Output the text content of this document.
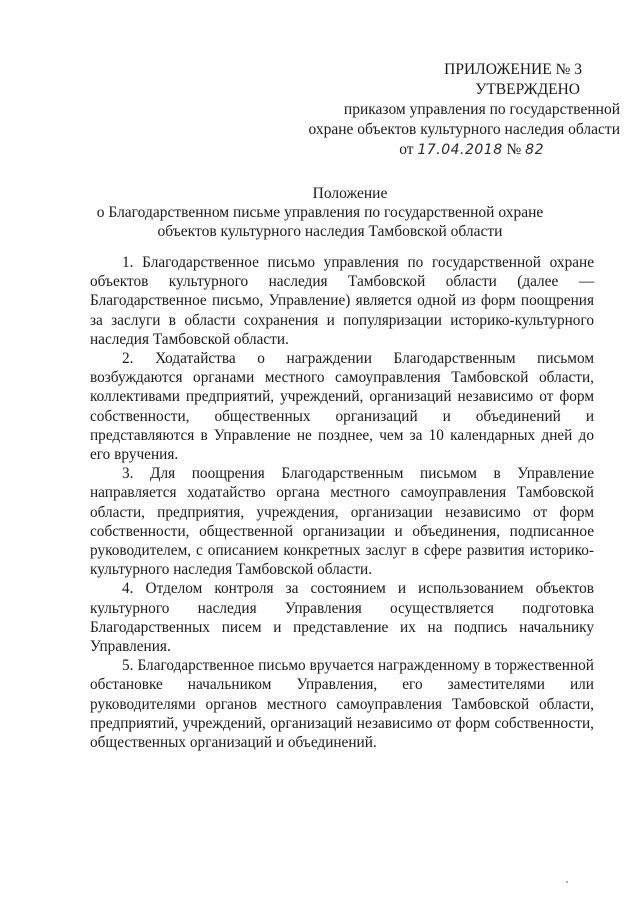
ПРИЛОЖЕНИЕ № 3
УТВЕРЖДЕНО
приказом управления по государственной
охране объектов культурного наследия области
от 17.04.2018 № 82
Положение
о Благодарственном письме управления по государственной охране
объектов культурного наследия Тамбовской области

1. Благодарственное письмо управления по государственной охране объектов культурного наследия Тамбовской области (далее — Благодарственное письмо, Управление) является одной из форм поощрения за заслуги в области сохранения и популяризации историко-культурного наследия Тамбовской области.

2. Ходатайства о награждении Благодарственным письмом возбуждаются органами местного самоуправления Тамбовской области, коллективами предприятий, учреждений, организаций независимо от форм собственности, общественных организаций и объединений и представляются в Управление не позднее, чем за 10 календарных дней до его вручения.

3. Для поощрения Благодарственным письмом в Управление направляется ходатайство органа местного самоуправления Тамбовской области, предприятия, учреждения, организации независимо от форм собственности, общественной организации и объединения, подписанное руководителем, с описанием конкретных заслуг в сфере развития историко-культурного наследия Тамбовской области.

4. Отделом контроля за состоянием и использованием объектов культурного наследия Управления осуществляется подготовка Благодарственных писем и представление их на подпись начальнику Управления.

5. Благодарственное письмо вручается награжденному в торжественной обстановке начальником Управления, его заместителями или руководителями органов местного самоуправления Тамбовской области, предприятий, учреждений, организаций независимо от форм собственности, общественных организаций и объединений.
